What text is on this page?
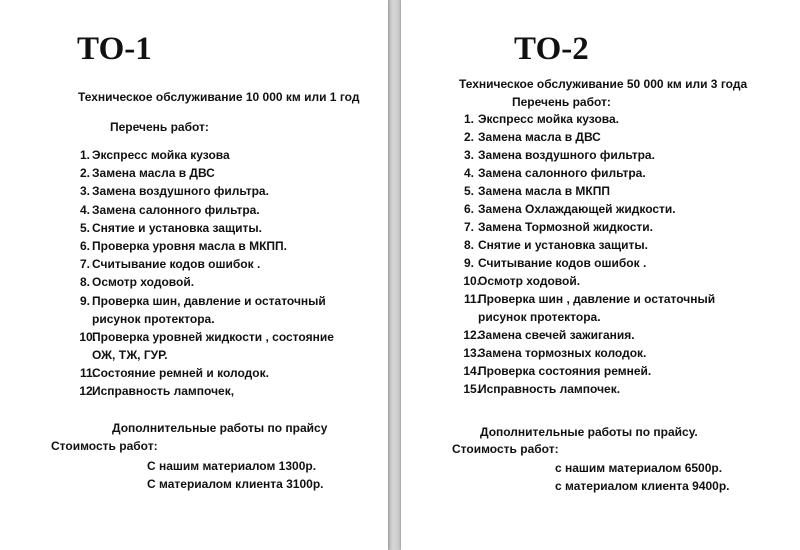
ТО-1

Техническое обслуживание 10 000 км или 1 год

Перечень работ:

1. Экспресс мойка кузова
2. Замена масла в ДВС
3. Замена воздушного фильтра.
4. Замена салонного фильтра.
5. Снятие и установка защиты.
6. Проверка уровня масла в МКПП.
7. Считывание кодов ошибок .
8. Осмотр ходовой.
9. Проверка шин, давление и остаточный
рисунок протектора.
10.
Проверка уровней жидкости , состояние
ОЖ, ТЖ, ГУР.
11.
Состояние ремней и колодок.
12.
Исправность лампочек,

Дополнительные работы по прайсу

Стоимость работ:

С нашим материалом 1300р.

С материалом клиента 3100р.

ТО-2

Техническое обслуживание 50 000 км или 3 года

Перечень работ:

1. Экспресс мойка кузова.
2. Замена масла в ДВС
3. Замена воздушного фильтра.
4. Замена салонного фильтра.
5. Замена масла в МКПП
6. Замена Охлаждающей жидкости.
7. Замена Тормозной жидкости.
8. Снятие и установка защиты.
9. Считывание кодов ошибок .
10.
Осмотр ходовой.
11.
Проверка шин , давление и остаточный
рисунок протектора.
12.
Замена свечей зажигания.
13.
Замена тормозных колодок.
14.
Проверка состояния ремней.
15.
Исправность лампочек.

Дополнительные работы по прайсу.

Стоимость работ:

с нашим материалом 6500р.

с материалом клиента 9400р.
